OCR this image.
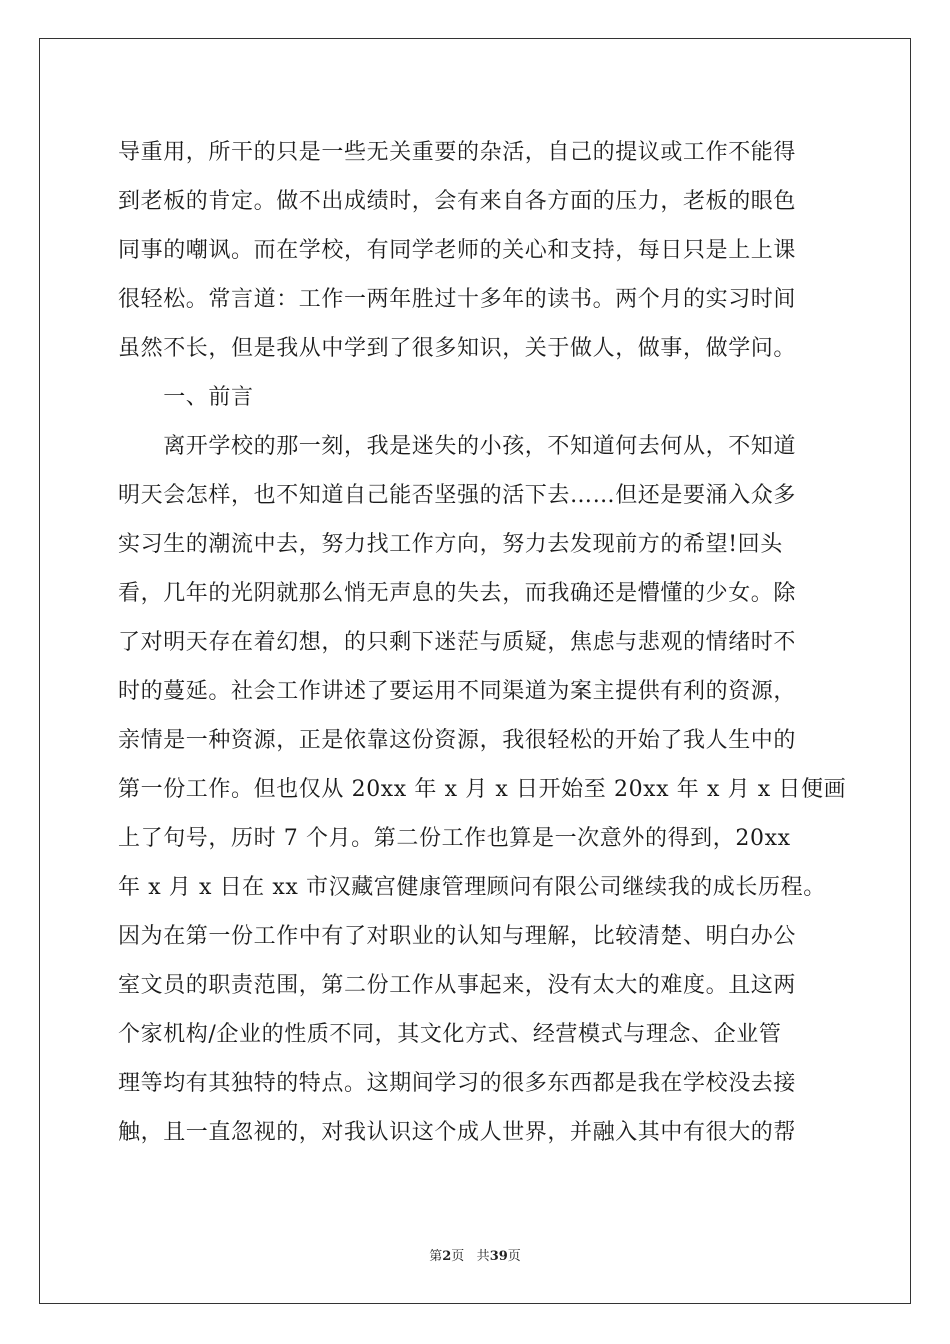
导重用，所干的只是一些无关重要的杂活，自己的提议或工作不能得
到老板的肯定。做不出成绩时，会有来自各方面的压力，老板的眼色
同事的嘲讽。而在学校，有同学老师的关心和支持，每日只是上上课
很轻松。常言道：工作一两年胜过十多年的读书。两个月的实习时间
虽然不长，但是我从中学到了很多知识，关于做人，做事，做学问。
　　一、前言
　　离开学校的那一刻，我是迷失的小孩，不知道何去何从，不知道
明天会怎样，也不知道自己能否坚强的活下去……但还是要涌入众多
实习生的潮流中去，努力找工作方向，努力去发现前方的希望!回头
看，几年的光阴就那么悄无声息的失去，而我确还是懵懂的少女。除
了对明天存在着幻想，的只剩下迷茫与质疑，焦虑与悲观的情绪时不
时的蔓延。社会工作讲述了要运用不同渠道为案主提供有利的资源，
亲情是一种资源，正是依靠这份资源，我很轻松的开始了我人生中的
第一份工作。但也仅从 20xx 年 x 月 x 日开始至 20xx 年 x 月 x 日便画
上了句号，历时 7 个月。第二份工作也算是一次意外的得到，20xx
年 x 月 x 日在 xx 市汉藏宫健康管理顾问有限公司继续我的成长历程。
因为在第一份工作中有了对职业的认知与理解，比较清楚、明白办公
室文员的职责范围，第二份工作从事起来，没有太大的难度。且这两
个家机构/企业的性质不同，其文化方式、经营模式与理念、企业管
理等均有其独特的特点。这期间学习的很多东西都是我在学校没去接
触，且一直忽视的，对我认识这个成人世界，并融入其中有很大的帮
第2页 共39页
